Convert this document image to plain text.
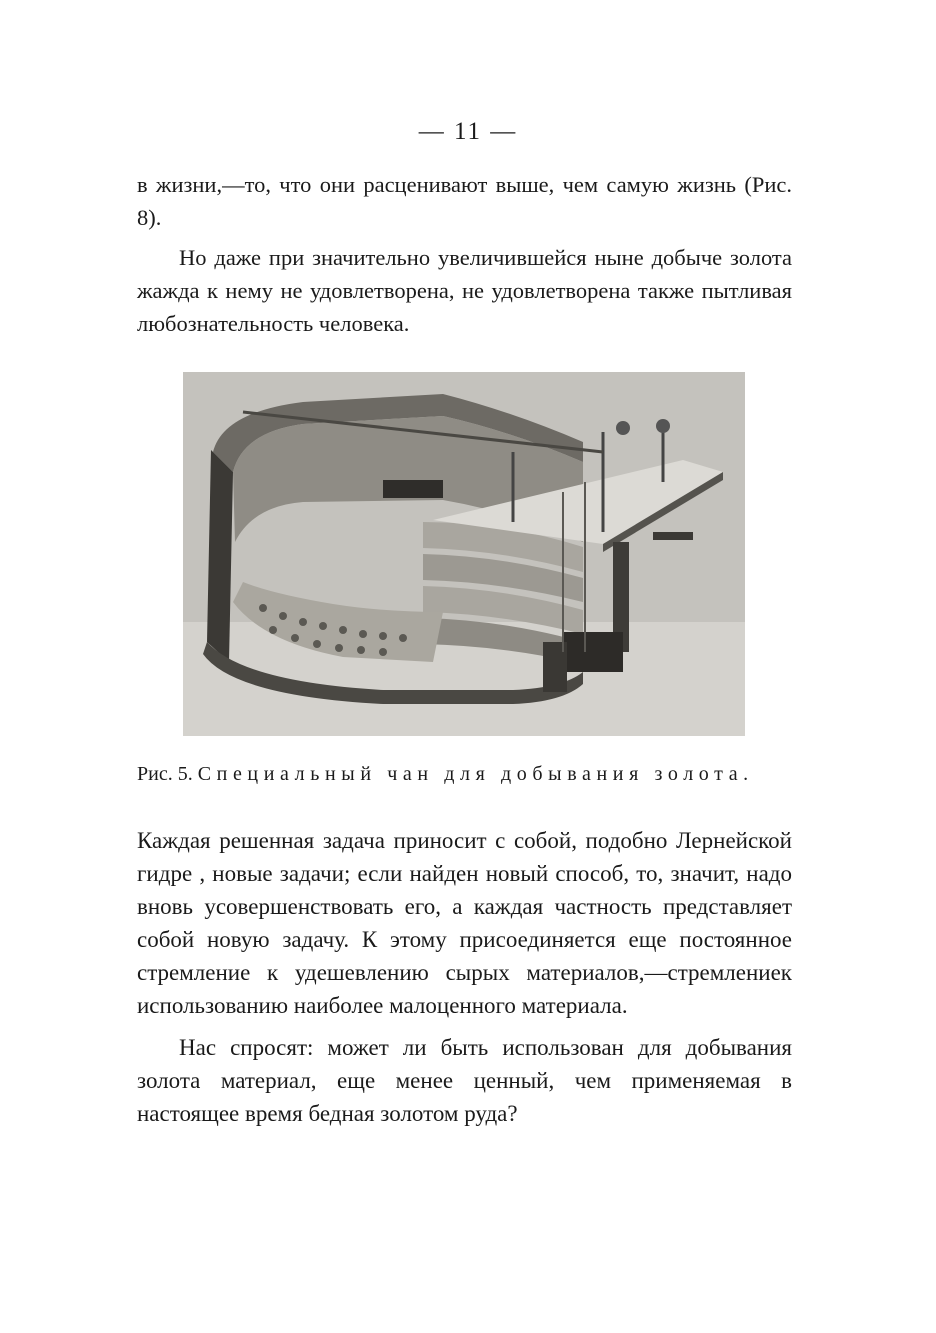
— 11 —

в жизни,—то, что они расценивают выше, чем самую жизнь (Рис. 8).

Но даже при значительно увеличившейся ныне добыче золота жажда к нему не удовлетворена, не удовлетворена также пытливая любознательность человека.

Рис. 5. Специальный чан для добывания золота.

Каждая решенная задача приносит с собой, подобно Лернейской гидре , новые задачи; если найден новый способ, то, значит, надо вновь усовершенствовать его, а каждая частность представляет собой новую задачу. К этому присоединяется еще постоянное стремление к удешевлению сырых материалов,—стремлениек использованию наиболее малоценного материала.

Нас спросят: может ли быть использован для добывания золота материал, еще менее ценный, чем применяемая в настоящее время бедная золотом руда?
